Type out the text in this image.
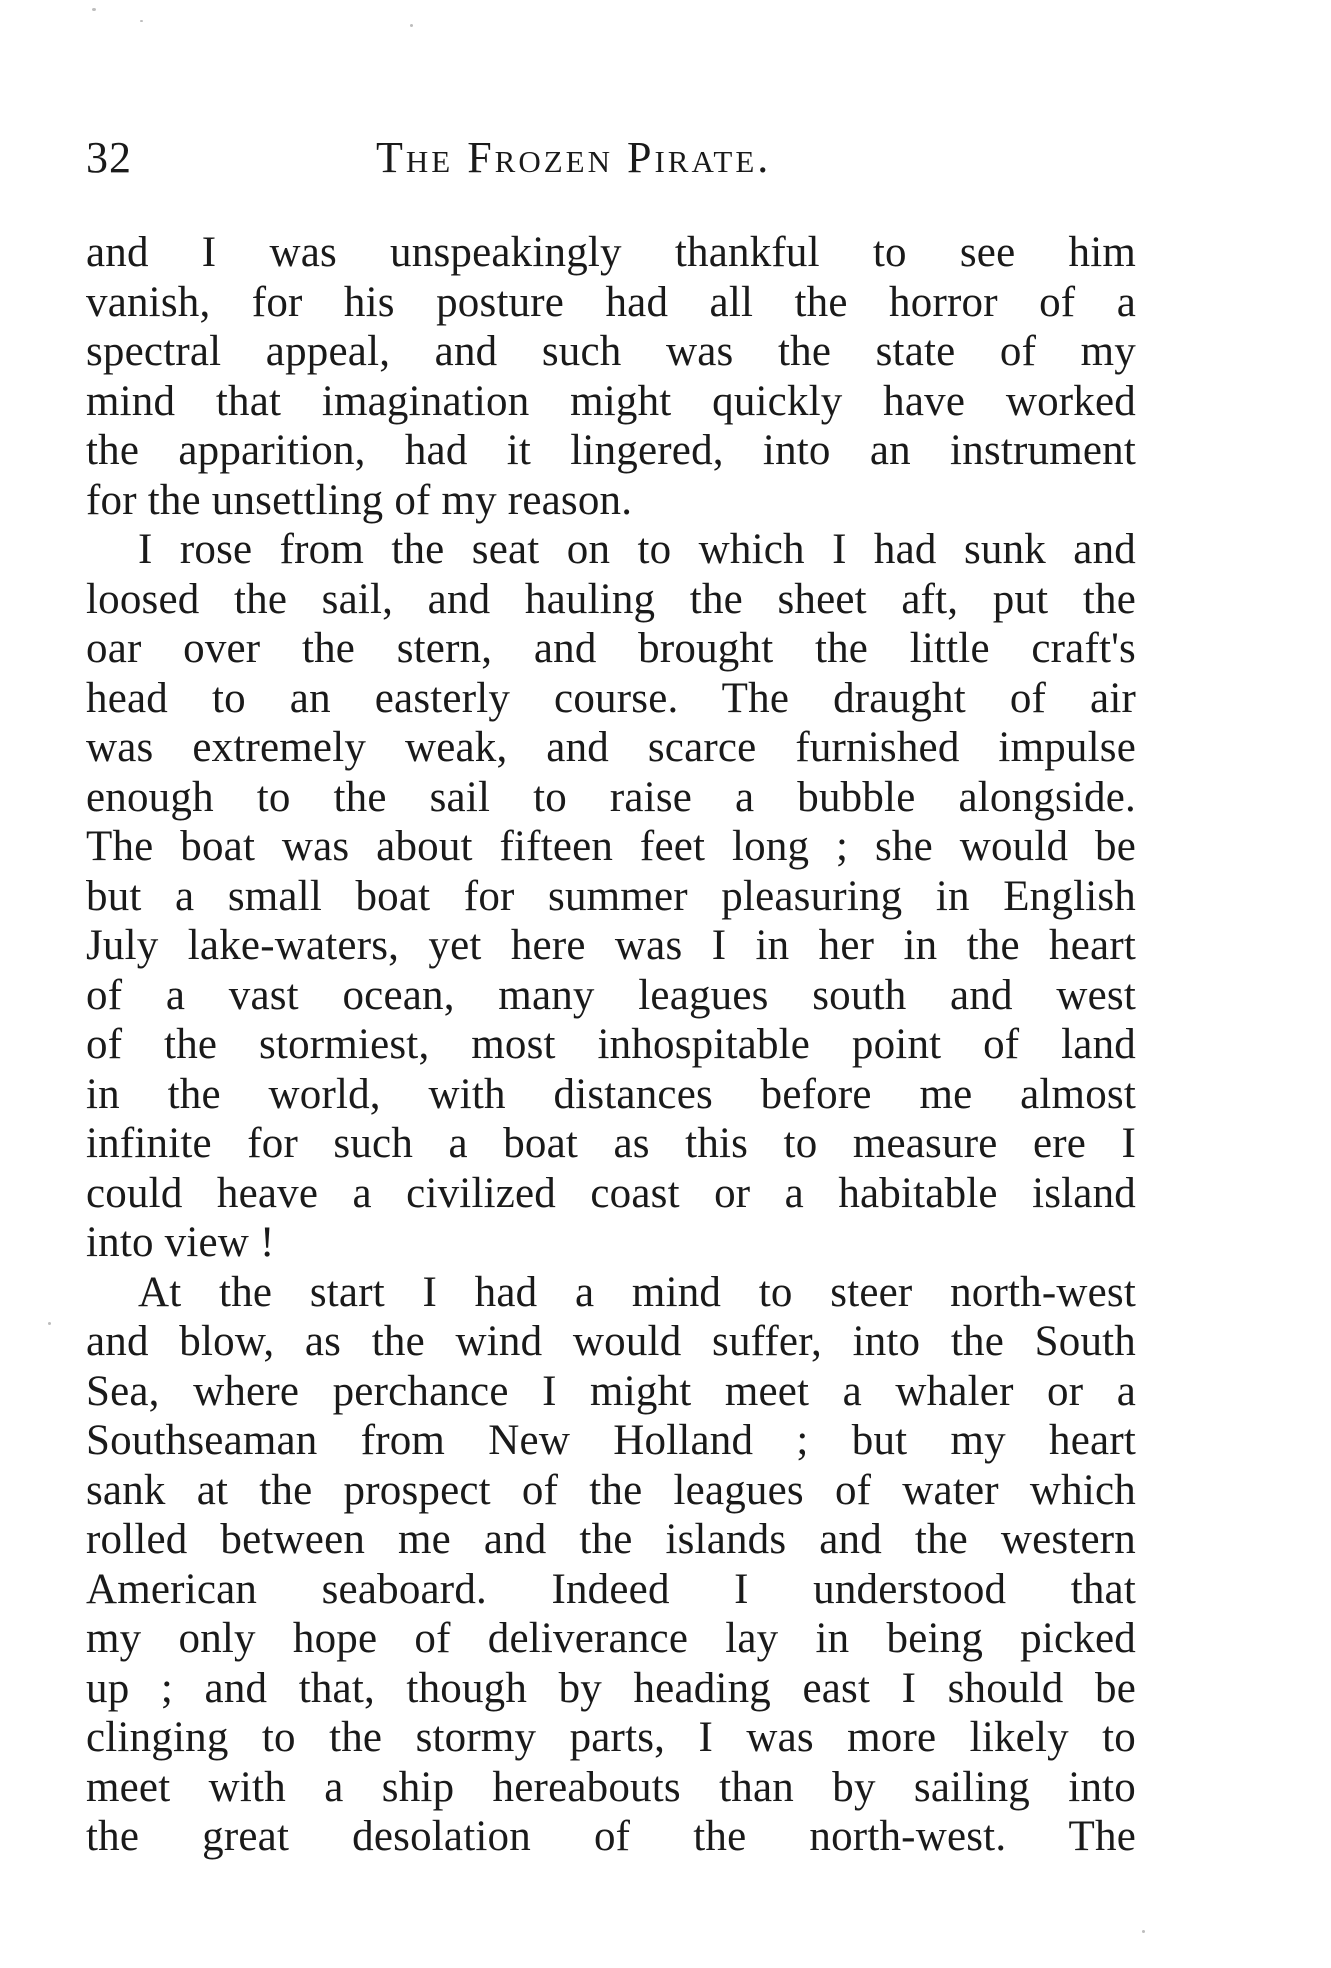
32	The Frozen Pirate.
and I was unspeakingly thankful to see him
vanish, for his posture had all the horror of a
spectral appeal, and such was the state of my
mind that imagination might quickly have worked
the apparition, had it lingered, into an instrument
for the unsettling of my reason.
I rose from the seat on to which I had sunk and
loosed the sail, and hauling the sheet aft, put the
oar over the stern, and brought the little craft's
head to an easterly course. The draught of air
was extremely weak, and scarce furnished impulse
enough to the sail to raise a bubble alongside.
The boat was about fifteen feet long ; she would be
but a small boat for summer pleasuring in English
July lake-waters, yet here was I in her in the heart
of a vast ocean, many leagues south and west
of the stormiest, most inhospitable point of land
in the world, with distances before me almost
infinite for such a boat as this to measure ere I
could heave a civilized coast or a habitable island
into view !
At the start I had a mind to steer north-west
and blow, as the wind would suffer, into the South
Sea, where perchance I might meet a whaler or a
Southseaman from New Holland ; but my heart
sank at the prospect of the leagues of water which
rolled between me and the islands and the western
American seaboard. Indeed I understood that
my only hope of deliverance lay in being picked
up ; and that, though by heading east I should be
clinging to the stormy parts, I was more likely to
meet with a ship hereabouts than by sailing into
the great desolation of the north-west. The
